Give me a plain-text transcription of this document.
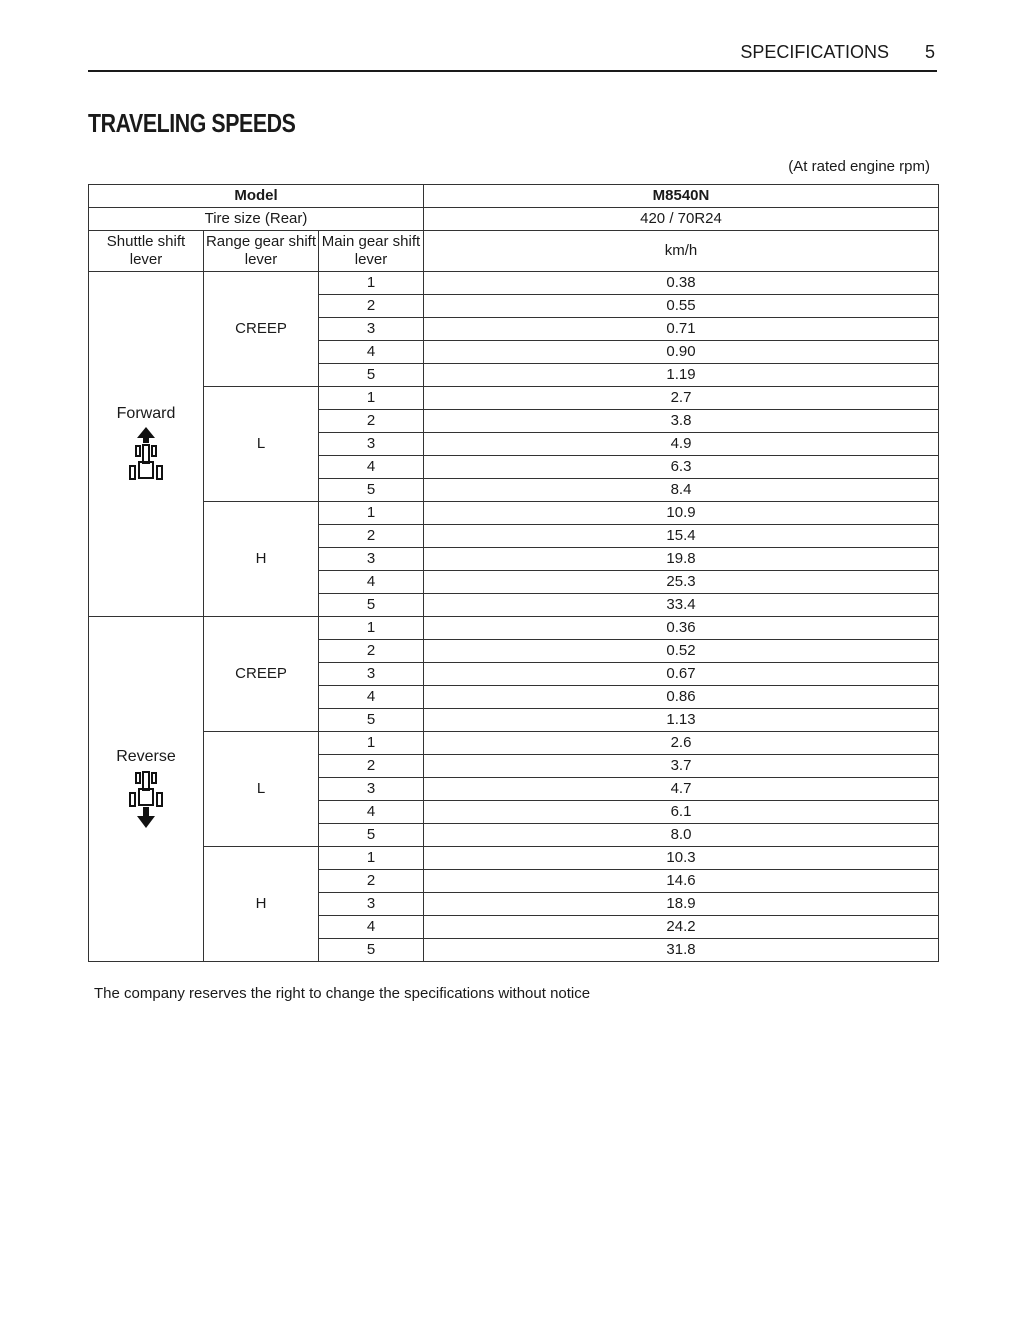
SPECIFICATIONS 5
TRAVELING SPEEDS
(At rated engine rpm)
Model			M8540N
Tire size (Rear)			420 / 70R24
Shuttle shift lever	Range gear shift lever	Main gear shift lever	km/h

Forward	CREEP	1	0.38
		2	0.55
		3	0.71
		4	0.90
		5	1.19
	L	1	2.7
		2	3.8
		3	4.9
		4	6.3
		5	8.4
	H	1	10.9
		2	15.4
		3	19.8
		4	25.3
		5	33.4

Reverse	CREEP	1	0.36
		2	0.52
		3	0.67
		4	0.86
		5	1.13
	L	1	2.6
		2	3.7
		3	4.7
		4	6.1
		5	8.0
	H	1	10.3
		2	14.6
		3	18.9
		4	24.2
		5	31.8
The company reserves the right to change the specifications without notice
